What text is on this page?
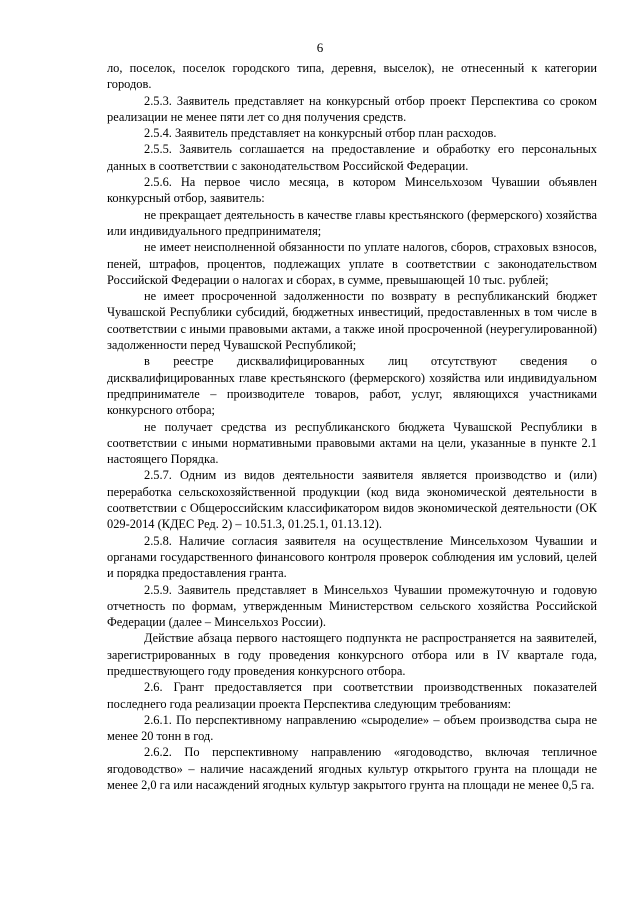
6

ло, поселок, поселок городского типа, деревня, выселок), не отнесенный к категории городов.

2.5.3. Заявитель представляет на конкурсный отбор проект Перспектива со сроком реализации не менее пяти лет со дня получения средств.

2.5.4. Заявитель представляет на конкурсный отбор план расходов.

2.5.5. Заявитель соглашается на предоставление и обработку его персональных данных в соответствии с законодательством Российской Федерации.

2.5.6. На первое число месяца, в котором Минсельхозом Чувашии объявлен конкурсный отбор, заявитель:

не прекращает деятельность в качестве главы крестьянского (фермерского) хозяйства или индивидуального предпринимателя;

не имеет неисполненной обязанности по уплате налогов, сборов, страховых взносов, пеней, штрафов, процентов, подлежащих уплате в соответствии с законодательством Российской Федерации о налогах и сборах, в сумме, превышающей 10 тыс. рублей;

не имеет просроченной задолженности по возврату в республиканский бюджет Чувашской Республики субсидий, бюджетных инвестиций, предоставленных в том числе в соответствии с иными правовыми актами, а также иной просроченной (неурегулированной) задолженности перед Чувашской Республикой;

в реестре дисквалифицированных лиц отсутствуют сведения о дисквалифицированных главе крестьянского (фермерского) хозяйства или индивидуальном предпринимателе – производителе товаров, работ, услуг, являющихся участниками конкурсного отбора;

не получает средства из республиканского бюджета Чувашской Республики в соответствии с иными нормативными правовыми актами на цели, указанные в пункте 2.1 настоящего Порядка.

2.5.7. Одним из видов деятельности заявителя является производство и (или) переработка сельскохозяйственной продукции (код вида экономической деятельности в соответствии с Общероссийским классификатором видов экономической деятельности (ОК 029-2014 (КДЕС Ред. 2) – 10.51.3, 01.25.1, 01.13.12).

2.5.8. Наличие согласия заявителя на осуществление Минсельхозом Чувашии и органами государственного финансового контроля проверок соблюдения им условий, целей и порядка предоставления гранта.

2.5.9. Заявитель представляет в Минсельхоз Чувашии промежуточную и годовую отчетность по формам, утвержденным Министерством сельского хозяйства Российской Федерации (далее – Минсельхоз России).

Действие абзаца первого настоящего подпункта не распространяется на заявителей, зарегистрированных в году проведения конкурсного отбора или в IV квартале года, предшествующего году проведения конкурсного отбора.

2.6. Грант предоставляется при соответствии производственных показателей последнего года реализации проекта Перспектива следующим требованиям:

2.6.1. По перспективному направлению «сыроделие» – объем производства сыра не менее 20 тонн в год.

2.6.2. По перспективному направлению «ягодоводство, включая тепличное ягодоводство» – наличие насаждений ягодных культур открытого грунта на площади не менее 2,0 га или насаждений ягодных культур закрытого грунта на площади не менее 0,5 га.
